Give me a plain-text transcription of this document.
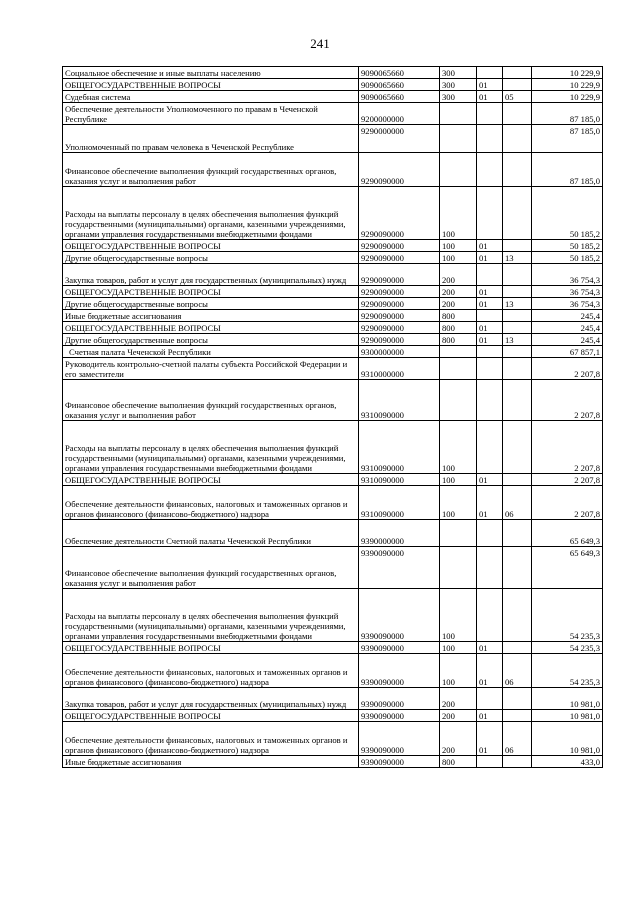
241
Социальное обеспечение и иные выплаты населению	9090065660	300			10 229,9
ОБЩЕГОСУДАРСТВЕННЫЕ ВОПРОСЫ	9090065660	300	01		10 229,9
Судебная система	9090065660	300	01	05	10 229,9
Обеспечение деятельности Уполномоченного по правам в Чеченской Республике	9200000000				87 185,0
Уполномоченный по правам человека в Чеченской Республике	9290000000				87 185,0
Финансовое обеспечение выполнения функций государственных органов, оказания услуг и выполнения работ	9290090000				87 185,0
Расходы на выплаты персоналу в целях обеспечения выполнения функций государственными (муниципальными) органами, казенными учреждениями, органами управления государственными внебюджетными фондами	9290090000	100			50 185,2
ОБЩЕГОСУДАРСТВЕННЫЕ ВОПРОСЫ	9290090000	100	01		50 185,2
Другие общегосударственные вопросы	9290090000	100	01	13	50 185,2
Закупка товаров, работ и услуг для государственных (муниципальных) нужд	9290090000	200			36 754,3
ОБЩЕГОСУДАРСТВЕННЫЕ ВОПРОСЫ	9290090000	200	01		36 754,3
Другие общегосударственные вопросы	9290090000	200	01	13	36 754,3
Иные бюджетные ассигнования	9290090000	800			245,4
ОБЩЕГОСУДАРСТВЕННЫЕ ВОПРОСЫ	9290090000	800	01		245,4
Другие общегосударственные вопросы	9290090000	800	01	13	245,4
Счетная палата Чеченской Республики	9300000000				67 857,1
Руководитель контрольно-счетной палаты субъекта Российской Федерации и его заместители	9310000000				2 207,8
Финансовое обеспечение выполнения функций государственных органов, оказания услуг и выполнения работ	9310090000				2 207,8
Расходы на выплаты персоналу в целях обеспечения выполнения функций государственными (муниципальными) органами, казенными учреждениями, органами управления государственными внебюджетными фондами	9310090000	100			2 207,8
ОБЩЕГОСУДАРСТВЕННЫЕ ВОПРОСЫ	9310090000	100	01		2 207,8
Обеспечение деятельности финансовых, налоговых и таможенных органов и органов финансового (финансово-бюджетного) надзора	9310090000	100	01	06	2 207,8
Обеспечение деятельности Счетной палаты Чеченской Республики	9390000000				65 649,3
Финансовое обеспечение выполнения функций государственных органов, оказания услуг и выполнения работ	9390090000				65 649,3
Расходы на выплаты персоналу в целях обеспечения выполнения функций государственными (муниципальными) органами, казенными учреждениями, органами управления государственными внебюджетными фондами	9390090000	100			54 235,3
ОБЩЕГОСУДАРСТВЕННЫЕ ВОПРОСЫ	9390090000	100	01		54 235,3
Обеспечение деятельности финансовых, налоговых и таможенных органов и органов финансового (финансово-бюджетного) надзора	9390090000	100	01	06	54 235,3
Закупка товаров, работ и услуг для государственных (муниципальных) нужд	9390090000	200			10 981,0
ОБЩЕГОСУДАРСТВЕННЫЕ ВОПРОСЫ	9390090000	200	01		10 981,0
Обеспечение деятельности финансовых, налоговых и таможенных органов и органов финансового (финансово-бюджетного) надзора	9390090000	200	01	06	10 981,0
Иные бюджетные ассигнования	9390090000	800			433,0
